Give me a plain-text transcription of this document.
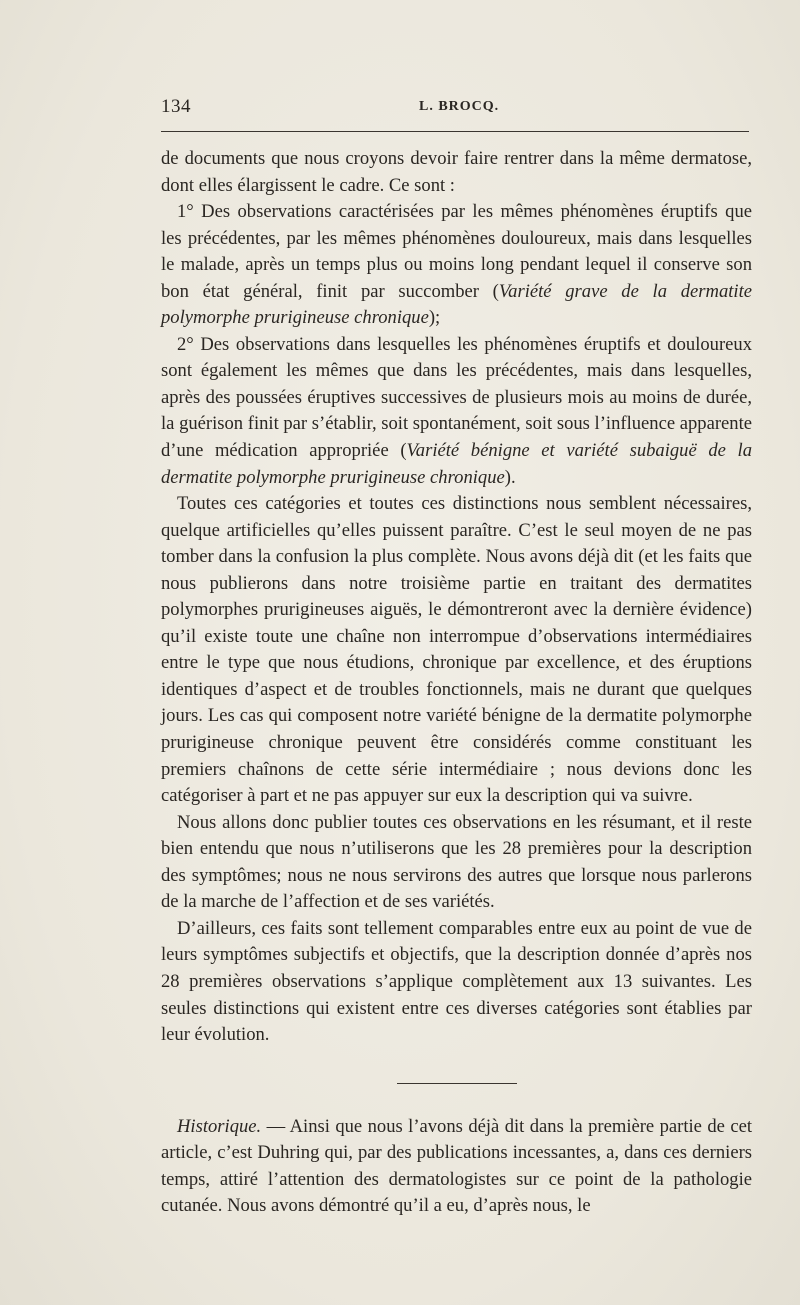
134	L. BROCQ.

de documents que nous croyons devoir faire rentrer dans la même dermatose, dont elles élargissent le cadre. Ce sont :

1° Des observations caractérisées par les mêmes phénomènes éruptifs que les précédentes, par les mêmes phénomènes douloureux, mais dans lesquelles le malade, après un temps plus ou moins long pendant lequel il conserve son bon état général, finit par succomber (Variété grave de la dermatite polymorphe prurigineuse chronique);

2° Des observations dans lesquelles les phénomènes éruptifs et douloureux sont également les mêmes que dans les précédentes, mais dans lesquelles, après des poussées éruptives successives de plusieurs mois au moins de durée, la guérison finit par s’établir, soit spontanément, soit sous l’influence apparente d’une médication appropriée (Variété bénigne et variété subaiguë de la dermatite polymorphe prurigineuse chronique).

Toutes ces catégories et toutes ces distinctions nous semblent nécessaires, quelque artificielles qu’elles puissent paraître. C’est le seul moyen de ne pas tomber dans la confusion la plus complète. Nous avons déjà dit (et les faits que nous publierons dans notre troisième partie en traitant des dermatites polymorphes prurigineuses aiguës, le démontreront avec la dernière évidence) qu’il existe toute une chaîne non interrompue d’observations intermédiaires entre le type que nous étudions, chronique par excellence, et des éruptions identiques d’aspect et de troubles fonctionnels, mais ne durant que quelques jours. Les cas qui composent notre variété bénigne de la dermatite polymorphe prurigineuse chronique peuvent être considérés comme constituant les premiers chaînons de cette série intermédiaire ; nous devions donc les catégoriser à part et ne pas appuyer sur eux la description qui va suivre.

Nous allons donc publier toutes ces observations en les résumant, et il reste bien entendu que nous n’utiliserons que les 28 premières pour la description des symptômes; nous ne nous servirons des autres que lorsque nous parlerons de la marche de l’affection et de ses variétés.

D’ailleurs, ces faits sont tellement comparables entre eux au point de vue de leurs symptômes subjectifs et objectifs, que la description donnée d’après nos 28 premières observations s’applique complètement aux 13 suivantes. Les seules distinctions qui existent entre ces diverses catégories sont établies par leur évolution.

Historique. — Ainsi que nous l’avons déjà dit dans la première partie de cet article, c’est Duhring qui, par des publications incessantes, a, dans ces derniers temps, attiré l’attention des dermatologistes sur ce point de la pathologie cutanée. Nous avons démontré qu’il a eu, d’après nous, le
